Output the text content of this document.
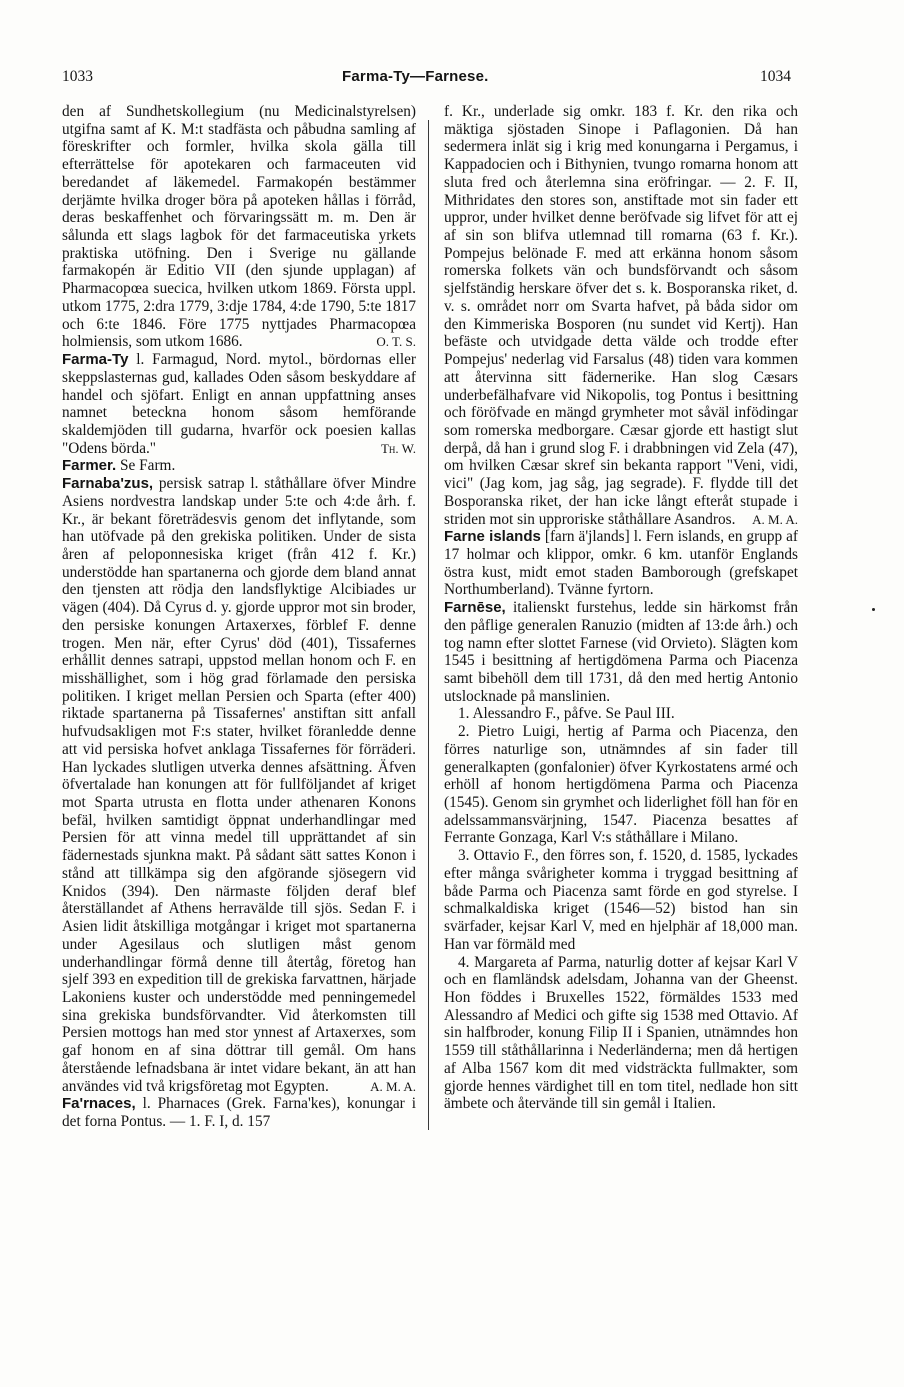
1033	Farma-Ty—Farnese.	1034

den af Sundhetskollegium (nu Medicinalstyrelsen) utgifna samt af K. M:t stadfästa och påbudna samling af föreskrifter och formler, hvilka skola gälla till efterrättelse för apotekaren och farmaceuten vid beredandet af läkemedel. Farmakopén bestämmer derjämte hvilka droger böra på apoteken hållas i förråd, deras beskaffenhet och förvaringssätt m. m. Den är sålunda ett slags lagbok för det farmaceutiska yrkets praktiska utöfning. Den i Sverige nu gällande farmakopén är Editio VII (den sjunde upplagan) af Pharmacopœa suecica, hvilken utkom 1869. Första uppl. utkom 1775, 2:dra 1779, 3:dje 1784, 4:de 1790, 5:te 1817 och 6:te 1846. Före 1775 nyttjades Pharmacopœa holmiensis, som utkom 1686.	O. T. S.

Farma-Ty l. Farmagud, Nord. mytol., bördornas eller skeppslasternas gud, kallades Oden såsom beskyddare af handel och sjöfart. Enligt en annan uppfattning anses namnet beteckna honom såsom hemförande skaldemjöden till gudarna, hvarför ock poesien kallas "Odens börda."	Th. W.

Farmer. Se Farm.

Farnaba'zus, persisk satrap l. ståthållare öfver Mindre Asiens nordvestra landskap under 5:te och 4:de årh. f. Kr., är bekant företrädesvis genom det inflytande, som han utöfvade på den grekiska politiken. Under de sista åren af peloponnesiska kriget (från 412 f. Kr.) understödde han spartanerna och gjorde dem bland annat den tjensten att rödja den landsflyktige Alcibiades ur vägen (404). Då Cyrus d. y. gjorde uppror mot sin broder, den persiske konungen Artaxerxes, förblef F. denne trogen. Men när, efter Cyrus' död (401), Tissafernes erhållit dennes satrapi, uppstod mellan honom och F. en misshällighet, som i hög grad förlamade den persiska politiken. I kriget mellan Persien och Sparta (efter 400) riktade spartanerna på Tissafernes' anstiftan sitt anfall hufvudsakligen mot F:s stater, hvilket föranledde denne att vid persiska hofvet anklaga Tissafernes för förräderi. Han lyckades slutligen utverka dennes afsättning. Äfven öfvertalade han konungen att för fullföljandet af kriget mot Sparta utrusta en flotta under athenaren Konons befäl, hvilken samtidigt öppnat underhandlingar med Persien för att vinna medel till upprättandet af sin fädernestads sjunkna makt. På sådant sätt sattes Konon i stånd att tillkämpa sig den afgörande sjösegern vid Knidos (394). Den närmaste följden deraf blef återställandet af Athens herravälde till sjös. Sedan F. i Asien lidit åtskilliga motgångar i kriget mot spartanerna under Agesilaus och slutligen måst genom underhandlingar förmå denne till återtåg, företog han sjelf 393 en expedition till de grekiska farvattnen, härjade Lakoniens kuster och understödde med penningemedel sina grekiska bundsförvandter. Vid återkomsten till Persien mottogs han med stor ynnest af Artaxerxes, som gaf honom en af sina döttrar till gemål. Om hans återstående lefnadsbana är intet vidare bekant, än att han användes vid två krigsföretag mot Egypten.	A. M. A.

Fa'rnaces, l. Pharnaces (Grek. Farna'kes), konungar i det forna Pontus. — 1. F. I, d. 157

f. Kr., underlade sig omkr. 183 f. Kr. den rika och mäktiga sjöstaden Sinope i Paflagonien. Då han sedermera inlät sig i krig med konungarna i Pergamus, i Kappadocien och i Bithynien, tvungo romarna honom att sluta fred och återlemna sina eröfringar. — 2. F. II, Mithridates den stores son, anstiftade mot sin fader ett uppror, under hvilket denne beröfvade sig lifvet för att ej af sin son blifva utlemnad till romarna (63 f. Kr.). Pompejus belönade F. med att erkänna honom såsom romerska folkets vän och bundsförvandt och såsom sjelfständig herskare öfver det s. k. Bosporanska riket, d. v. s. området norr om Svarta hafvet, på båda sidor om den Kimmeriska Bosporen (nu sundet vid Kertj). Han befäste och utvidgade detta välde och trodde efter Pompejus' nederlag vid Farsalus (48) tiden vara kommen att återvinna sitt fädernerike. Han slog Cæsars underbefälhafvare vid Nikopolis, tog Pontus i besittning och föröfvade en mängd grymheter mot såväl infödingar som romerska medborgare. Cæsar gjorde ett hastigt slut derpå, då han i grund slog F. i drabbningen vid Zela (47), om hvilken Cæsar skref sin bekanta rapport "Veni, vidi, vici" (Jag kom, jag såg, jag segrade). F. flydde till det Bosporanska riket, der han icke långt efteråt stupade i striden mot sin upproriske ståthållare Asandros.	A. M. A.

Farne islands [farn ä'jlands] l. Fern islands, en grupp af 17 holmar och klippor, omkr. 6 km. utanför Englands östra kust, midt emot staden Bamborough (grefskapet Northumberland). Tvänne fyrtorn.

Farnēse, italienskt furstehus, ledde sin härkomst från den påflige generalen Ranuzio (midten af 13:de årh.) och tog namn efter slottet Farnese (vid Orvieto). Slägten kom 1545 i besittning af hertigdömena Parma och Piacenza samt bibehöll dem till 1731, då den med hertig Antonio utslocknade på manslinien.

1. Alessandro F., påfve. Se Paul III.

2. Pietro Luigi, hertig af Parma och Piacenza, den förres naturlige son, utnämndes af sin fader till generalkapten (gonfalonier) öfver Kyrkostatens armé och erhöll af honom hertigdömena Parma och Piacenza (1545). Genom sin grymhet och liderlighet föll han för en adelssammansvärjning, 1547. Piacenza besattes af Ferrante Gonzaga, Karl V:s ståthållare i Milano.

3. Ottavio F., den förres son, f. 1520, d. 1585, lyckades efter många svårigheter komma i tryggad besittning af både Parma och Piacenza samt förde en god styrelse. I schmalkaldiska kriget (1546—52) bistod han sin svärfader, kejsar Karl V, med en hjelphär af 18,000 man. Han var förmäld med

4. Margareta af Parma, naturlig dotter af kejsar Karl V och en flamländsk adelsdam, Johanna van der Gheenst. Hon föddes i Bruxelles 1522, förmäldes 1533 med Alessandro af Medici och gifte sig 1538 med Ottavio. Af sin halfbroder, konung Filip II i Spanien, utnämndes hon 1559 till ståthållarinna i Nederländerna; men då hertigen af Alba 1567 kom dit med vidsträckta fullmakter, som gjorde hennes värdighet till en tom titel, nedlade hon sitt ämbete och återvände till sin gemål i Italien.
